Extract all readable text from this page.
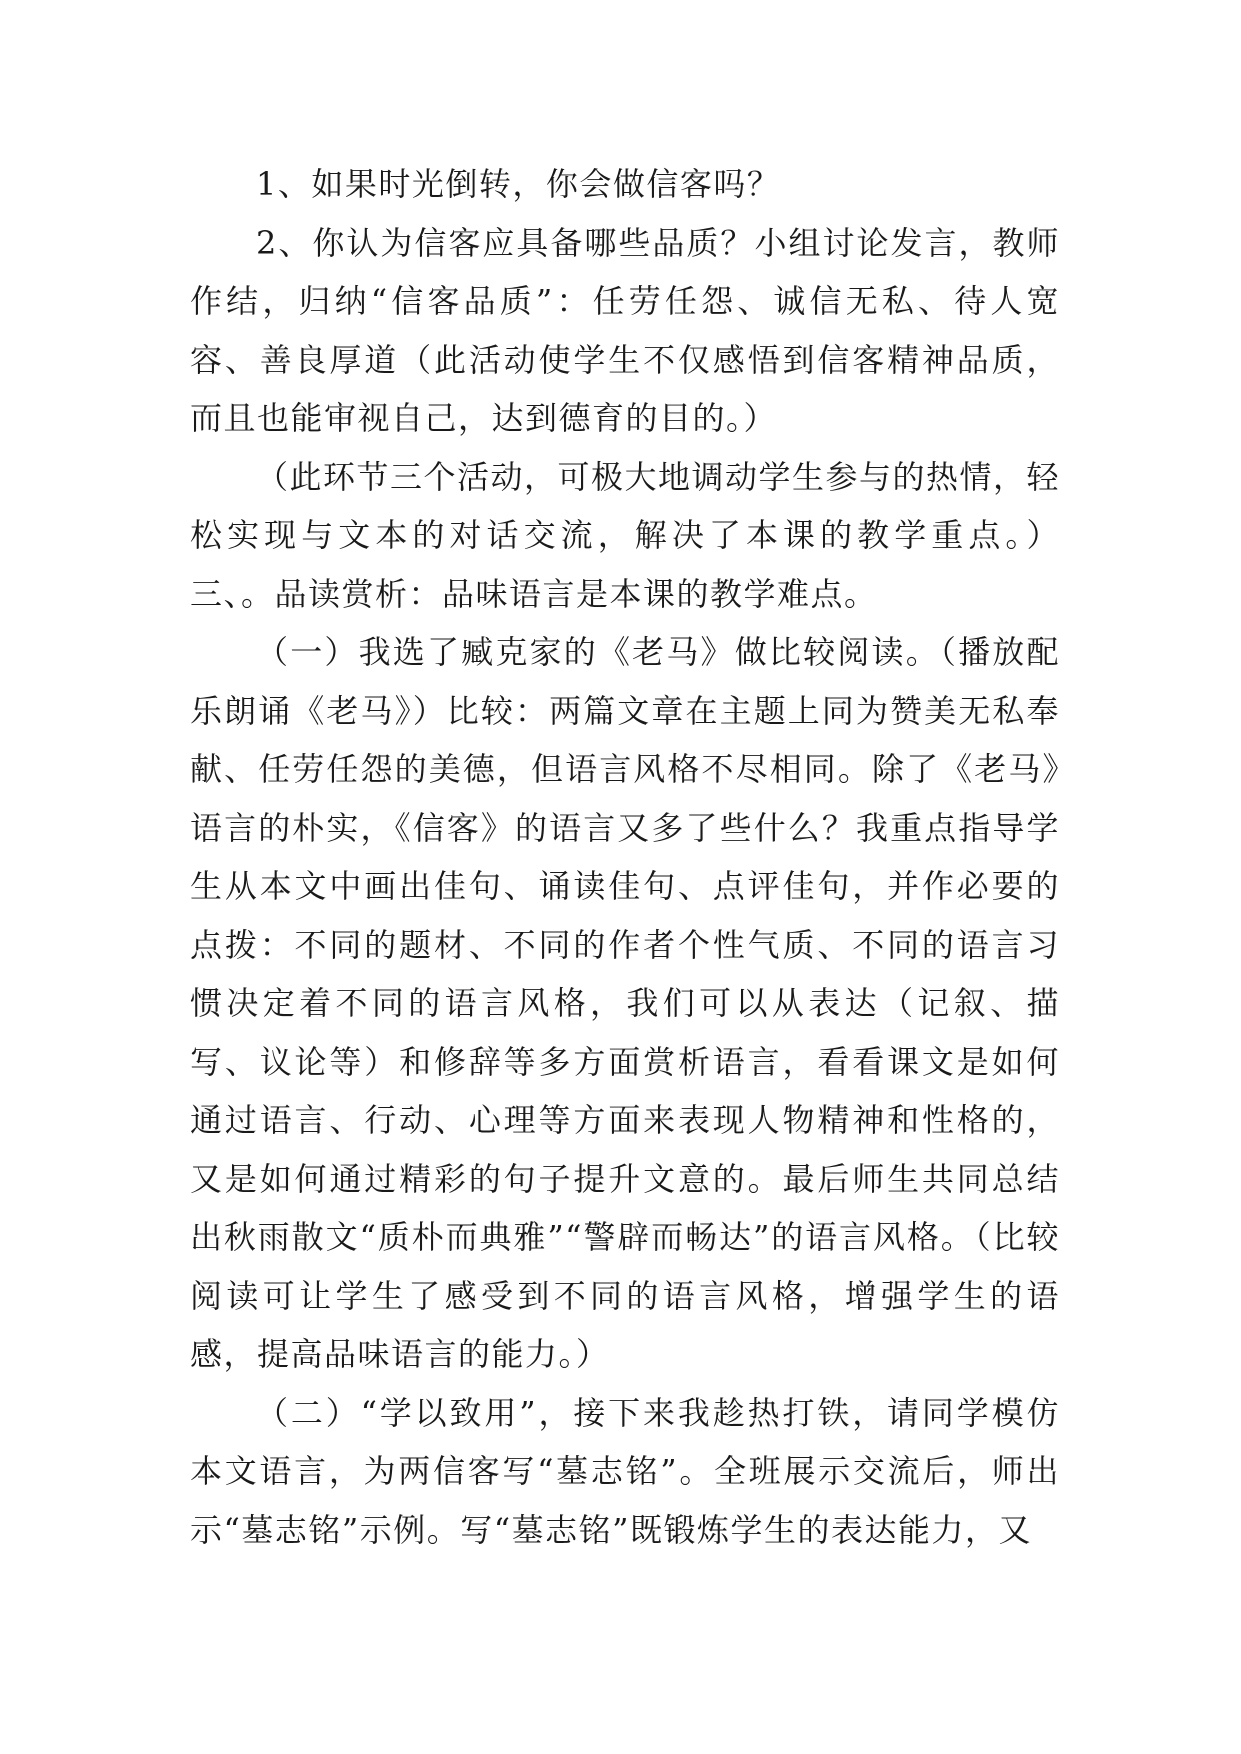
1、如果时光倒转，你会做信客吗？

2、你认为信客应具备哪些品质？小组讨论发言，教师作结，归纳“信客品质”：任劳任怨、诚信无私、待人宽容、善良厚道（此活动使学生不仅感悟到信客精神品质，而且也能审视自己，达到德育的目的。）

（此环节三个活动，可极大地调动学生参与的热情，轻松实现与文本的对话交流，解决了本课的教学重点。）三、。品读赏析：品味语言是本课的教学难点。

（一）我选了臧克家的《老马》做比较阅读。（播放配乐朗诵《老马》）比较：两篇文章在主题上同为赞美无私奉献、任劳任怨的美德，但语言风格不尽相同。除了《老马》语言的朴实，《信客》的语言又多了些什么？我重点指导学生从本文中画出佳句、诵读佳句、点评佳句，并作必要的点拨：不同的题材、不同的作者个性气质、不同的语言习惯决定着不同的语言风格，我们可以从表达（记叙、描写、议论等）和修辞等多方面赏析语言，看看课文是如何通过语言、行动、心理等方面来表现人物精神和性格的，又是如何通过精彩的句子提升文意的。最后师生共同总结出秋雨散文“质朴而典雅”“警辟而畅达”的语言风格。（比较阅读可让学生了感受到不同的语言风格，增强学生的语感，提高品味语言的能力。）

（二）“学以致用”，接下来我趁热打铁，请同学模仿本文语言，为两信客写“墓志铭”。全班展示交流后，师出示“墓志铭”示例。写“墓志铭”既锻炼学生的表达能力，又
